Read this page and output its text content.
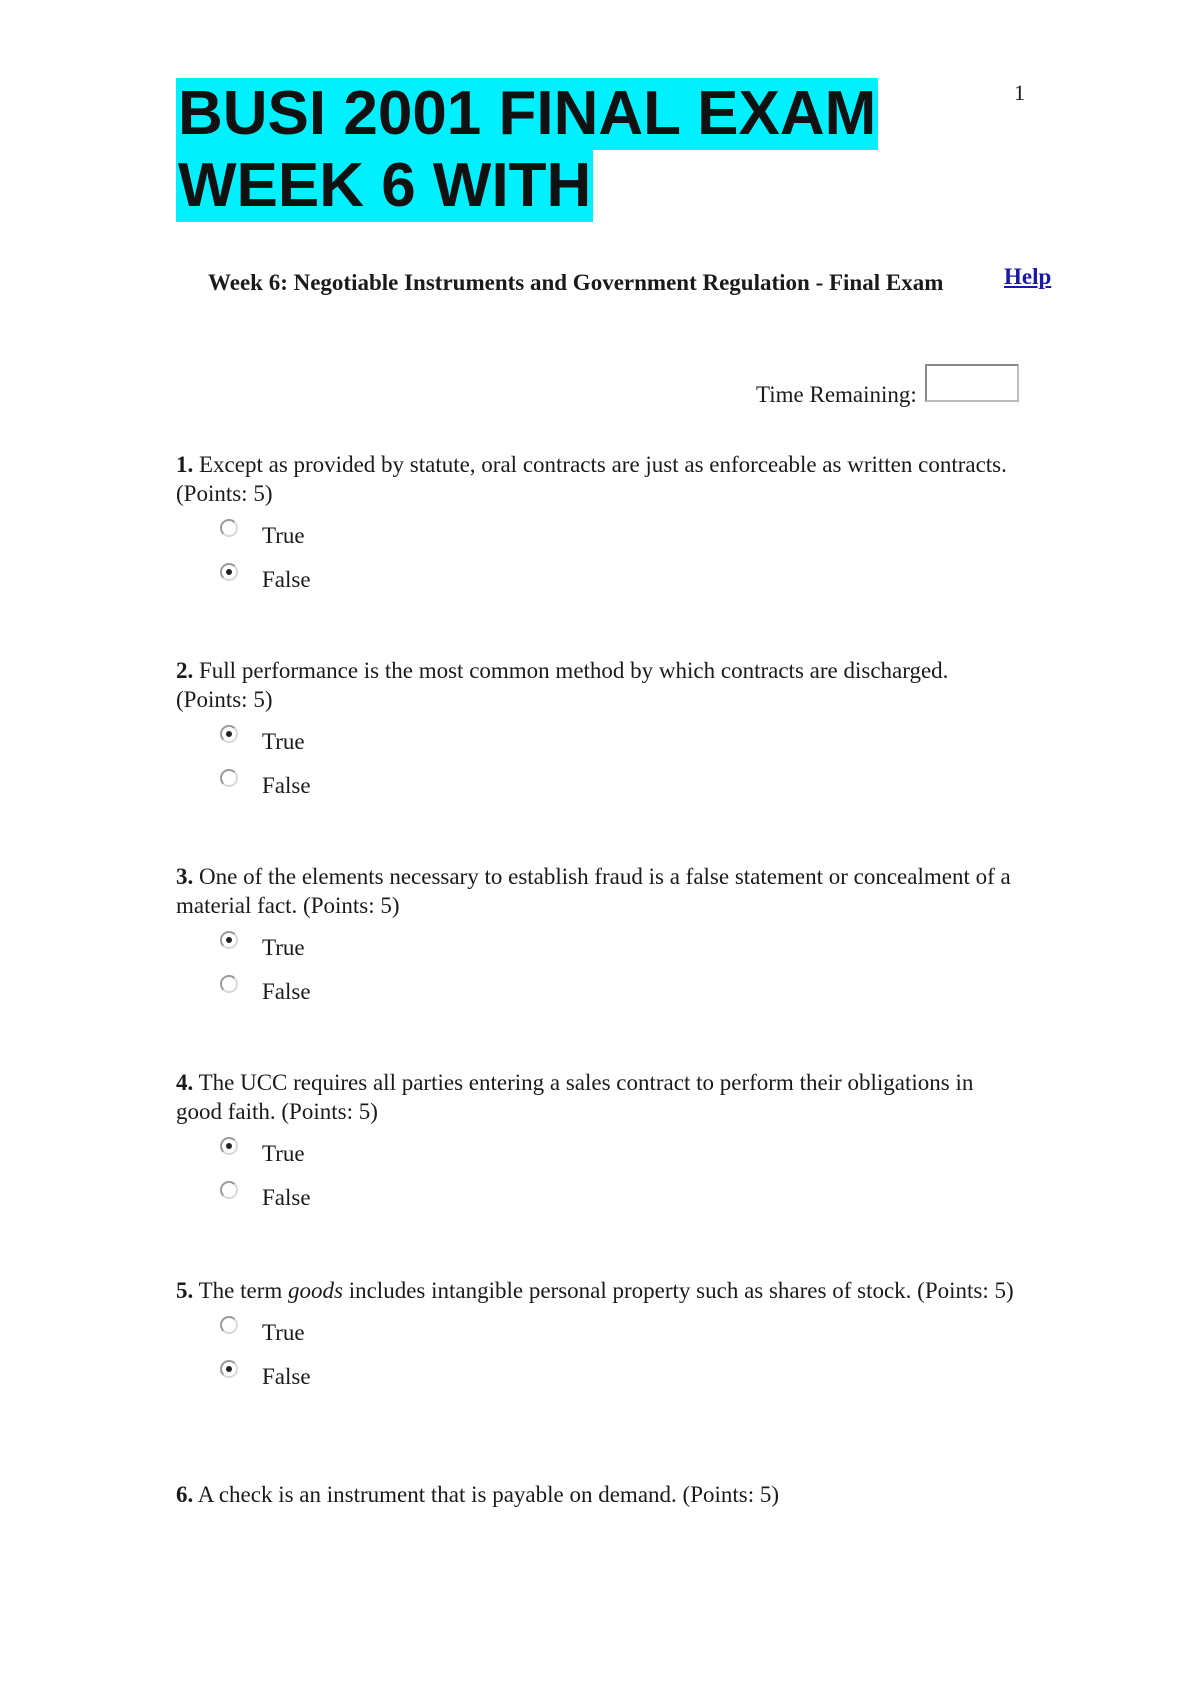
1
BUSI 2001 FINAL EXAM
WEEK 6 WITH
Week 6: Negotiable Instruments and Government Regulation - Final Exam	Help
Time Remaining:

1. Except as provided by statute, oral contracts are just as enforceable as written contracts. (Points: 5)

True
False

2. Full performance is the most common method by which contracts are discharged. (Points: 5)

True
False

3. One of the elements necessary to establish fraud is a false statement or concealment of a material fact. (Points: 5)

True
False

4. The UCC requires all parties entering a sales contract to perform their obligations in good faith. (Points: 5)

True
False

5. The term goods includes intangible personal property such as shares of stock. (Points: 5)

True
False

6. A check is an instrument that is payable on demand. (Points: 5)
